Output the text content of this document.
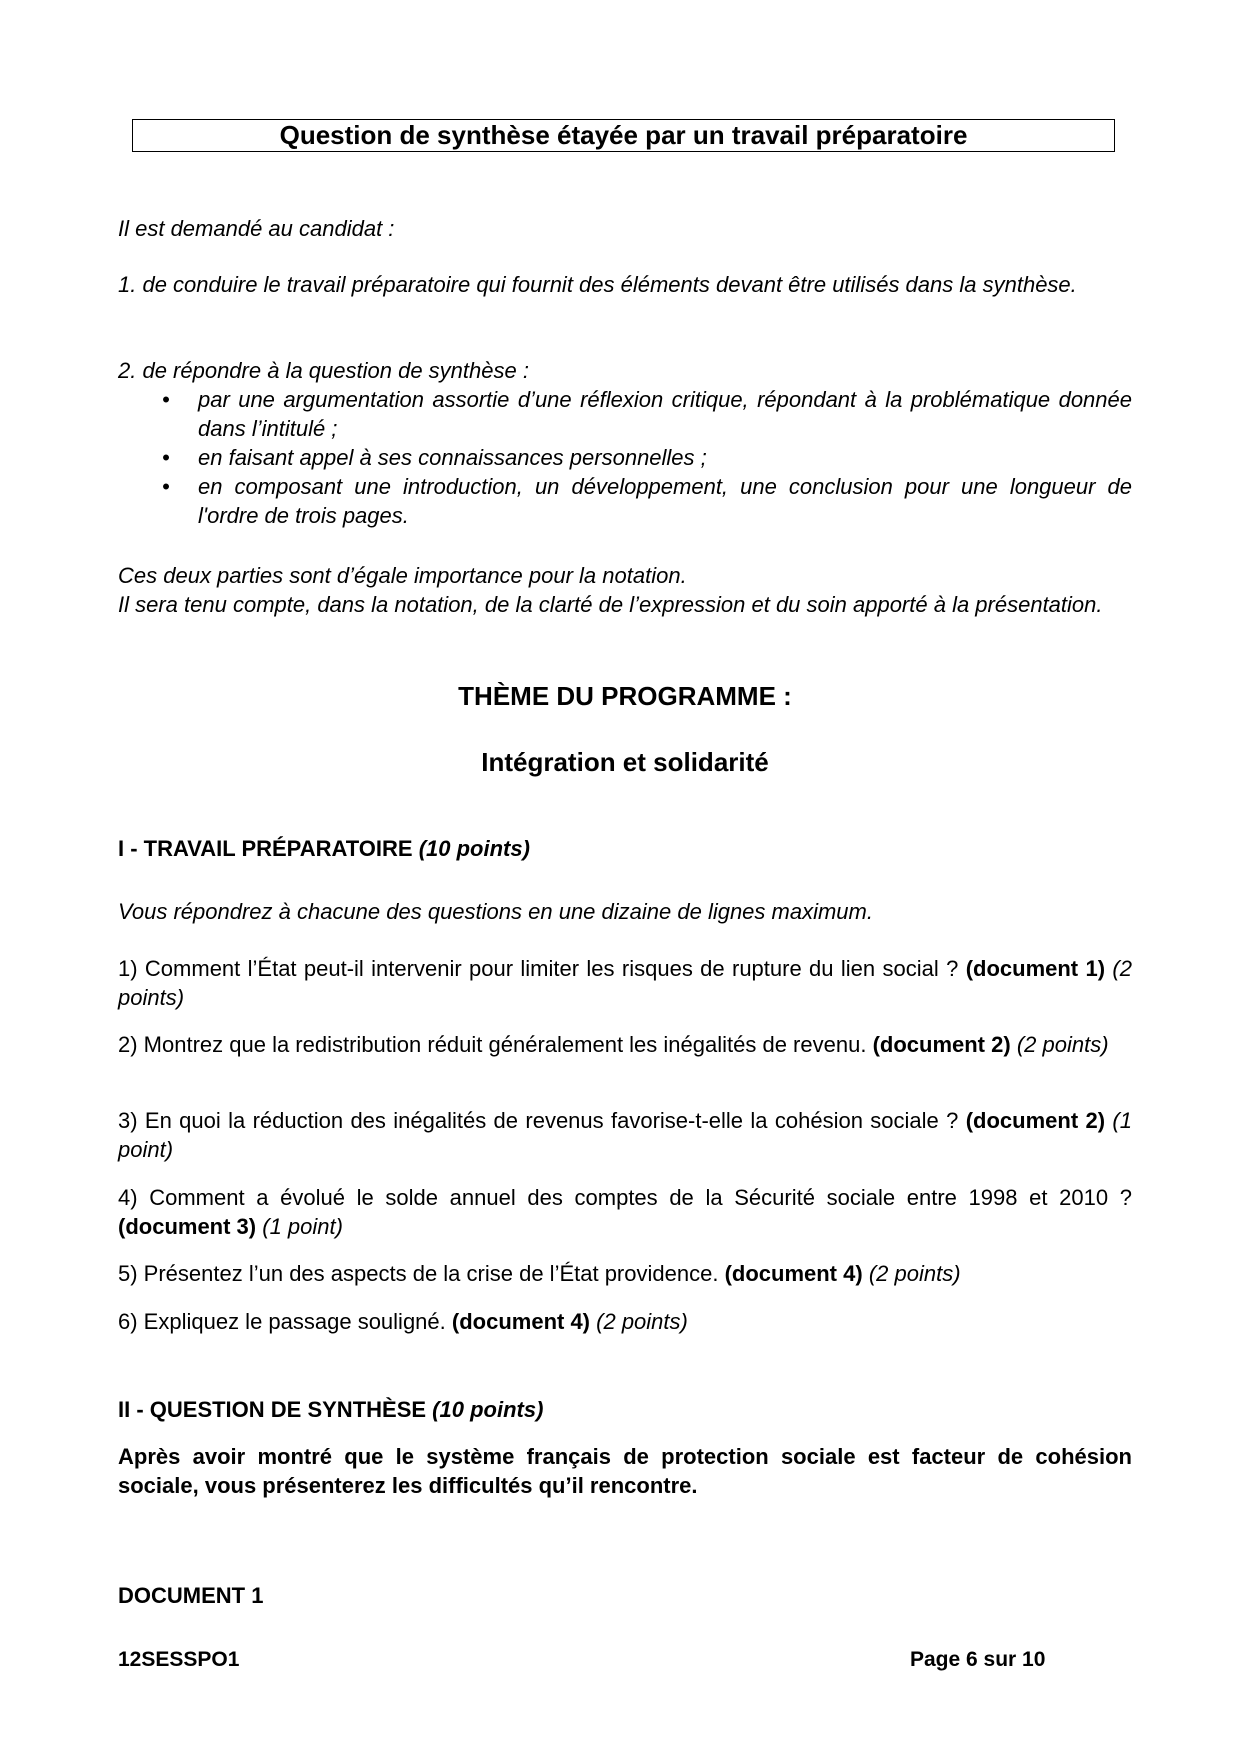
Question de synthèse étayée par un travail préparatoire

Il est demandé au candidat :

1. de conduire le travail préparatoire qui fournit des éléments devant être utilisés dans la synthèse.

2. de répondre à la question de synthèse :

• par une argumentation assortie d’une réflexion critique, répondant à la problématique donnée dans l’intitulé ;
• en faisant appel à ses connaissances personnelles ;
• en composant une introduction, un développement, une conclusion pour une longueur de l'ordre de trois pages.

Ces deux parties sont d’égale importance pour la notation.

Il sera tenu compte, dans la notation, de la clarté de l’expression et du soin apporté à la présentation.

THÈME DU PROGRAMME :

Intégration et solidarité

I - TRAVAIL PRÉPARATOIRE (10 points)

Vous répondrez à chacune des questions en une dizaine de lignes maximum.

1) Comment l’État peut-il intervenir pour limiter les risques de rupture du lien social ? (document 1) (2 points)

2) Montrez que la redistribution réduit généralement les inégalités de revenu. (document 2) (2 points)

3) En quoi la réduction des inégalités de revenus favorise-t-elle la cohésion sociale ? (document 2) (1 point)

4) Comment a évolué le solde annuel des comptes de la Sécurité sociale entre 1998 et 2010 ? (document 3) (1 point)

5) Présentez l’un des aspects de la crise de l’État providence. (document 4) (2 points)

6) Expliquez le passage souligné. (document 4) (2 points)

II - QUESTION DE SYNTHÈSE (10 points)

Après avoir montré que le système français de protection sociale est facteur de cohésion sociale, vous présenterez les difficultés qu’il rencontre.

DOCUMENT 1

12SESSPO1	Page 6 sur 10
